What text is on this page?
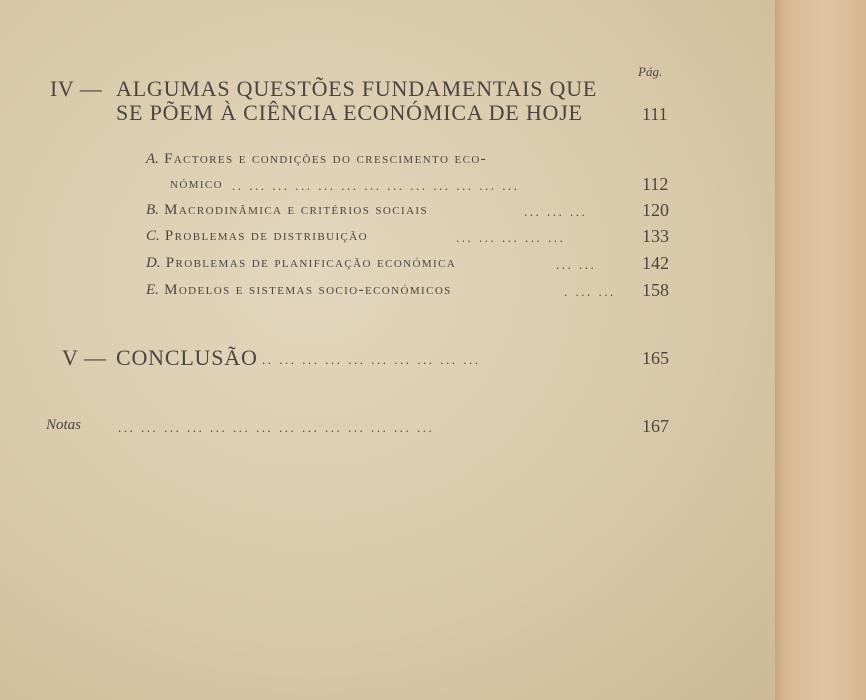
Pág.
IV — ALGUMAS QUESTÕES FUNDAMENTAIS QUE
SE PÕEM À CIÊNCIA ECONÓMICA DE HOJE	111
A. Factores e condições do crescimento eco-
nómico .. ... ... ... ... ... ... ... ... ... ... ... ...	112
B. Macrodinâmica e critérios sociais	... ... ...	120
C. Problemas de distribuição	... ... ... ... ...	133
D. Problemas de planificação económica	... ...	142
E. Modelos e sistemas socio-económicos	. ... ... 158
V — CONCLUSÃO .. ... ... ... ... ... ... ... ... ...	165
Notas	... ... ... ... ... ... ... ... ... ... ... ... ... ...	167
